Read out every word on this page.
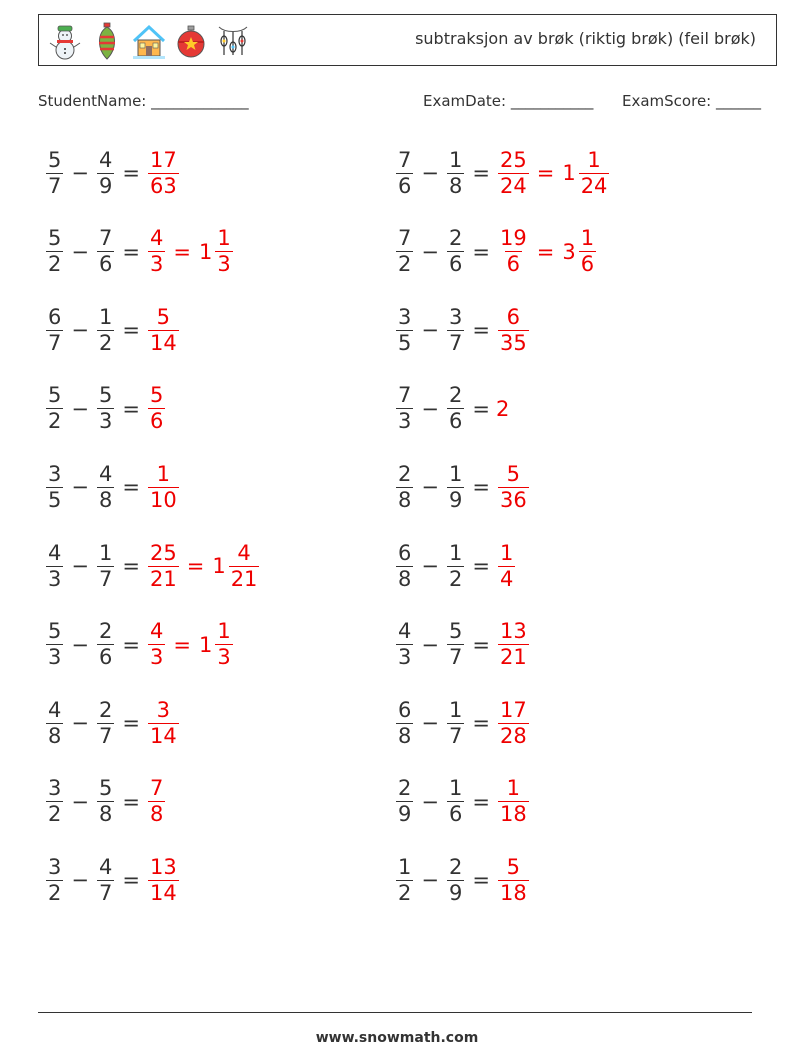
subtraksjon av brøk (riktig brøk) (feil brøk)
StudentName: _____________	ExamDate: ___________ ExamScore: ______
$\frac{5}{7} - \frac{4}{9} = \frac{17}{63}$	$\frac{7}{6} - \frac{1}{8} = \frac{25}{24} = 1 \frac{1}{24}$
$\frac{5}{2} - \frac{7}{6} = \frac{4}{3} = 1 \frac{1}{3}$	$\frac{7}{2} - \frac{2}{6} = \frac{19}{6} = 3 \frac{1}{6}$
$\frac{6}{7} - \frac{1}{2} = \frac{5}{14}$	$\frac{3}{5} - \frac{3}{7} = \frac{6}{35}$
$\frac{5}{2} - \frac{5}{3} = \frac{5}{6}$	$\frac{7}{3} - \frac{2}{6} = 2$
$\frac{3}{5} - \frac{4}{8} = \frac{1}{10}$	$\frac{2}{8} - \frac{1}{9} = \frac{5}{36}$
$\frac{4}{3} - \frac{1}{7} = \frac{25}{21} = 1 \frac{4}{21}$	$\frac{6}{8} - \frac{1}{2} = \frac{1}{4}$
$\frac{5}{3} - \frac{2}{6} = \frac{4}{3} = 1 \frac{1}{3}$	$\frac{4}{3} - \frac{5}{7} = \frac{13}{21}$
$\frac{4}{8} - \frac{2}{7} = \frac{3}{14}$	$\frac{6}{8} - \frac{1}{7} = \frac{17}{28}$
$\frac{3}{2} - \frac{5}{8} = \frac{7}{8}$	$\frac{2}{9} - \frac{1}{6} = \frac{1}{18}$
$\frac{3}{2} - \frac{4}{7} = \frac{13}{14}$	$\frac{1}{2} - \frac{2}{9} = \frac{5}{18}$
www.snowmath.com
